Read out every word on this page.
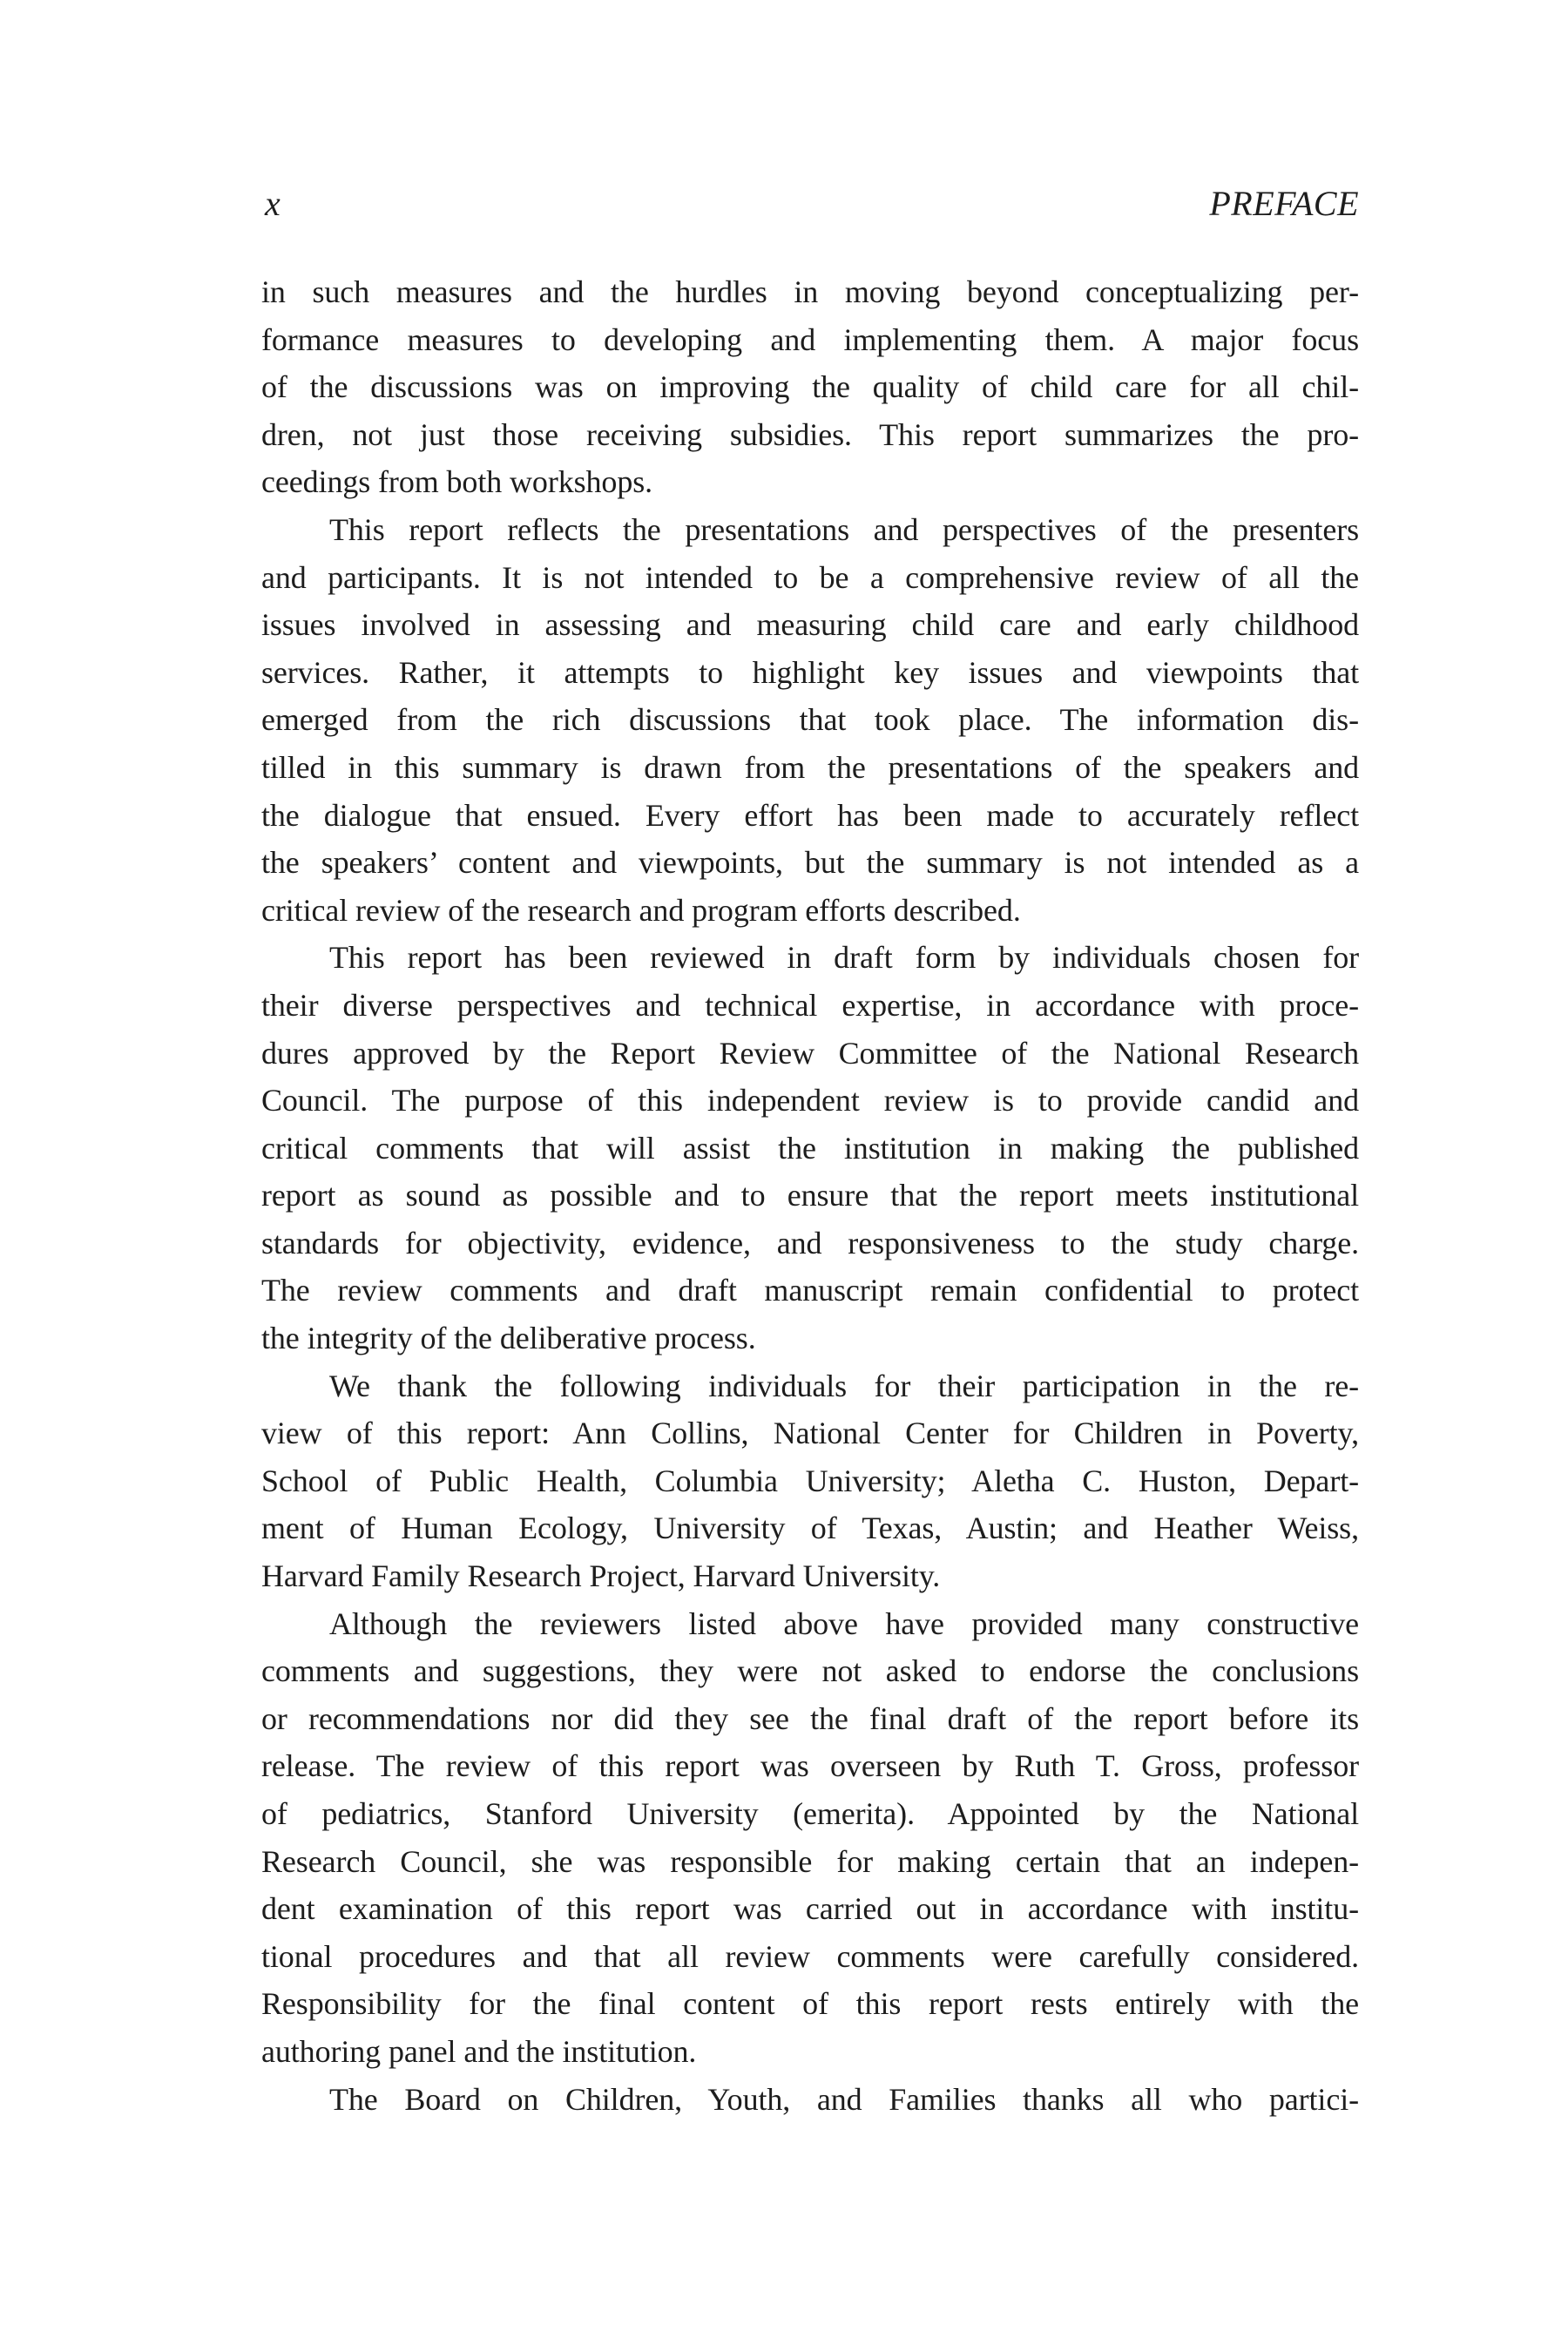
x	PREFACE
in such measures and the hurdles in moving beyond conceptualizing per-
formance measures to developing and implementing them. A major focus
of the discussions was on improving the quality of child care for all chil-
dren, not just those receiving subsidies. This report summarizes the pro-
ceedings from both workshops.
This report reflects the presentations and perspectives of the presenters
and participants. It is not intended to be a comprehensive review of all the
issues involved in assessing and measuring child care and early childhood
services. Rather, it attempts to highlight key issues and viewpoints that
emerged from the rich discussions that took place. The information dis-
tilled in this summary is drawn from the presentations of the speakers and
the dialogue that ensued. Every effort has been made to accurately reflect
the speakers’ content and viewpoints, but the summary is not intended as a
critical review of the research and program efforts described.
This report has been reviewed in draft form by individuals chosen for
their diverse perspectives and technical expertise, in accordance with proce-
dures approved by the Report Review Committee of the National Research
Council. The purpose of this independent review is to provide candid and
critical comments that will assist the institution in making the published
report as sound as possible and to ensure that the report meets institutional
standards for objectivity, evidence, and responsiveness to the study charge.
The review comments and draft manuscript remain confidential to protect
the integrity of the deliberative process.
We thank the following individuals for their participation in the re-
view of this report: Ann Collins, National Center for Children in Poverty,
School of Public Health, Columbia University; Aletha C. Huston, Depart-
ment of Human Ecology, University of Texas, Austin; and Heather Weiss,
Harvard Family Research Project, Harvard University.
Although the reviewers listed above have provided many constructive
comments and suggestions, they were not asked to endorse the conclusions
or recommendations nor did they see the final draft of the report before its
release. The review of this report was overseen by Ruth T. Gross, professor
of pediatrics, Stanford University (emerita). Appointed by the National
Research Council, she was responsible for making certain that an indepen-
dent examination of this report was carried out in accordance with institu-
tional procedures and that all review comments were carefully considered.
Responsibility for the final content of this report rests entirely with the
authoring panel and the institution.
The Board on Children, Youth, and Families thanks all who partici-
